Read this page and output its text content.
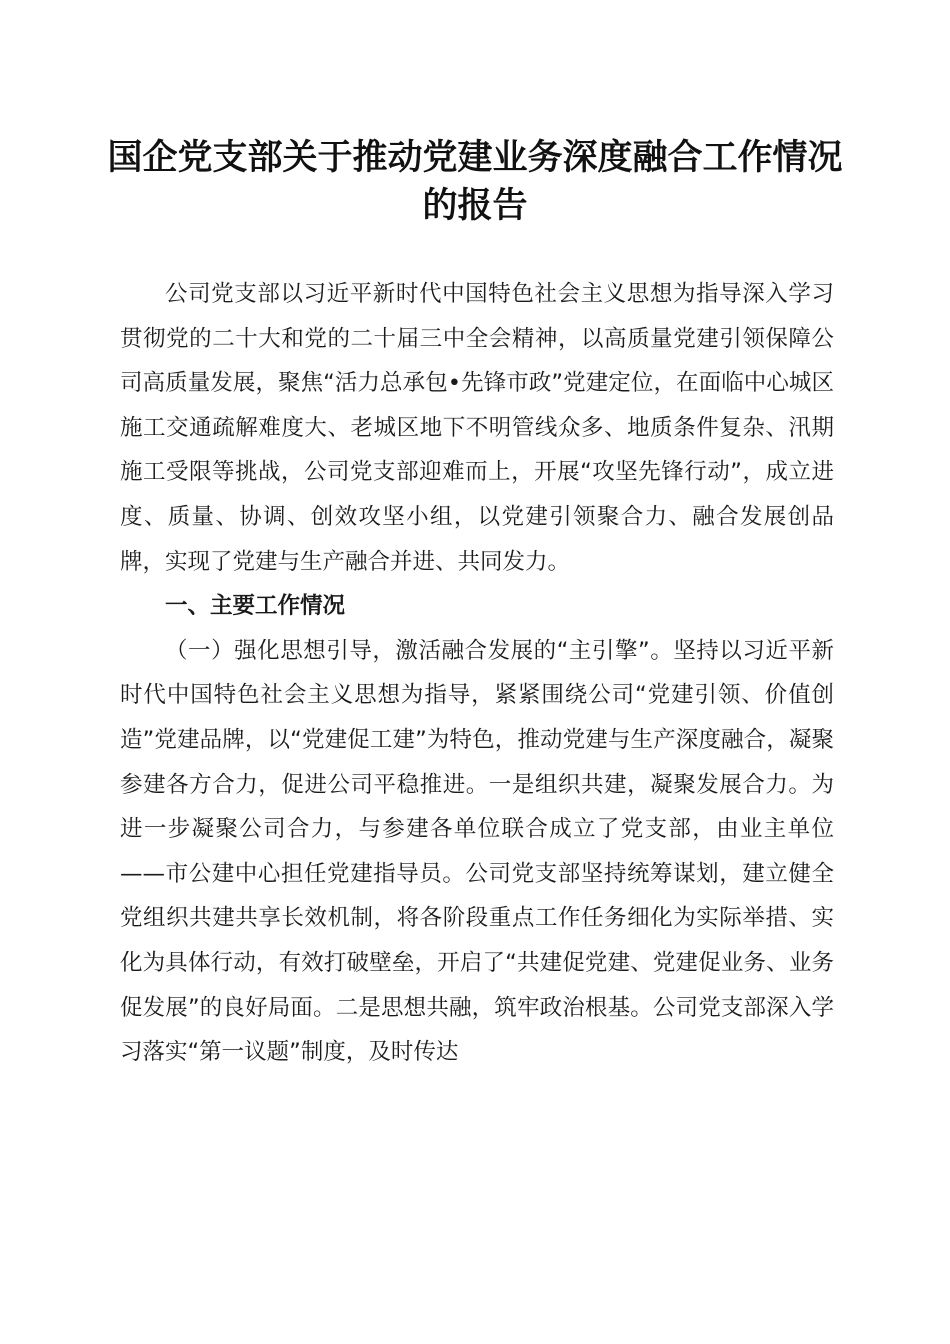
国企党支部关于推动党建业务深度融合工作情况的报告

公司党支部以习近平新时代中国特色社会主义思想为指导深入学习贯彻党的二十大和党的二十届三中全会精神，以高质量党建引领保障公司高质量发展，聚焦“活力总承包•先锋市政”党建定位，在面临中心城区施工交通疏解难度大、老城区地下不明管线众多、地质条件复杂、汛期施工受限等挑战，公司党支部迎难而上，开展“攻坚先锋行动”，成立进度、质量、协调、创效攻坚小组，以党建引领聚合力、融合发展创品牌，实现了党建与生产融合并进、共同发力。

一、主要工作情况

（一）强化思想引导，激活融合发展的“主引擎”。坚持以习近平新时代中国特色社会主义思想为指导，紧紧围绕公司“党建引领、价值创造”党建品牌，以“党建促工建”为特色，推动党建与生产深度融合，凝聚参建各方合力，促进公司平稳推进。一是组织共建，凝聚发展合力。为进一步凝聚公司合力，与参建各单位联合成立了党支部，由业主单位——市公建中心担任党建指导员。公司党支部坚持统筹谋划，建立健全党组织共建共享长效机制，将各阶段重点工作任务细化为实际举措、实化为具体行动，有效打破壁垒，开启了“共建促党建、党建促业务、业务促发展”的良好局面。二是思想共融，筑牢政治根基。公司党支部深入学习落实“第一议题”制度，及时传达
